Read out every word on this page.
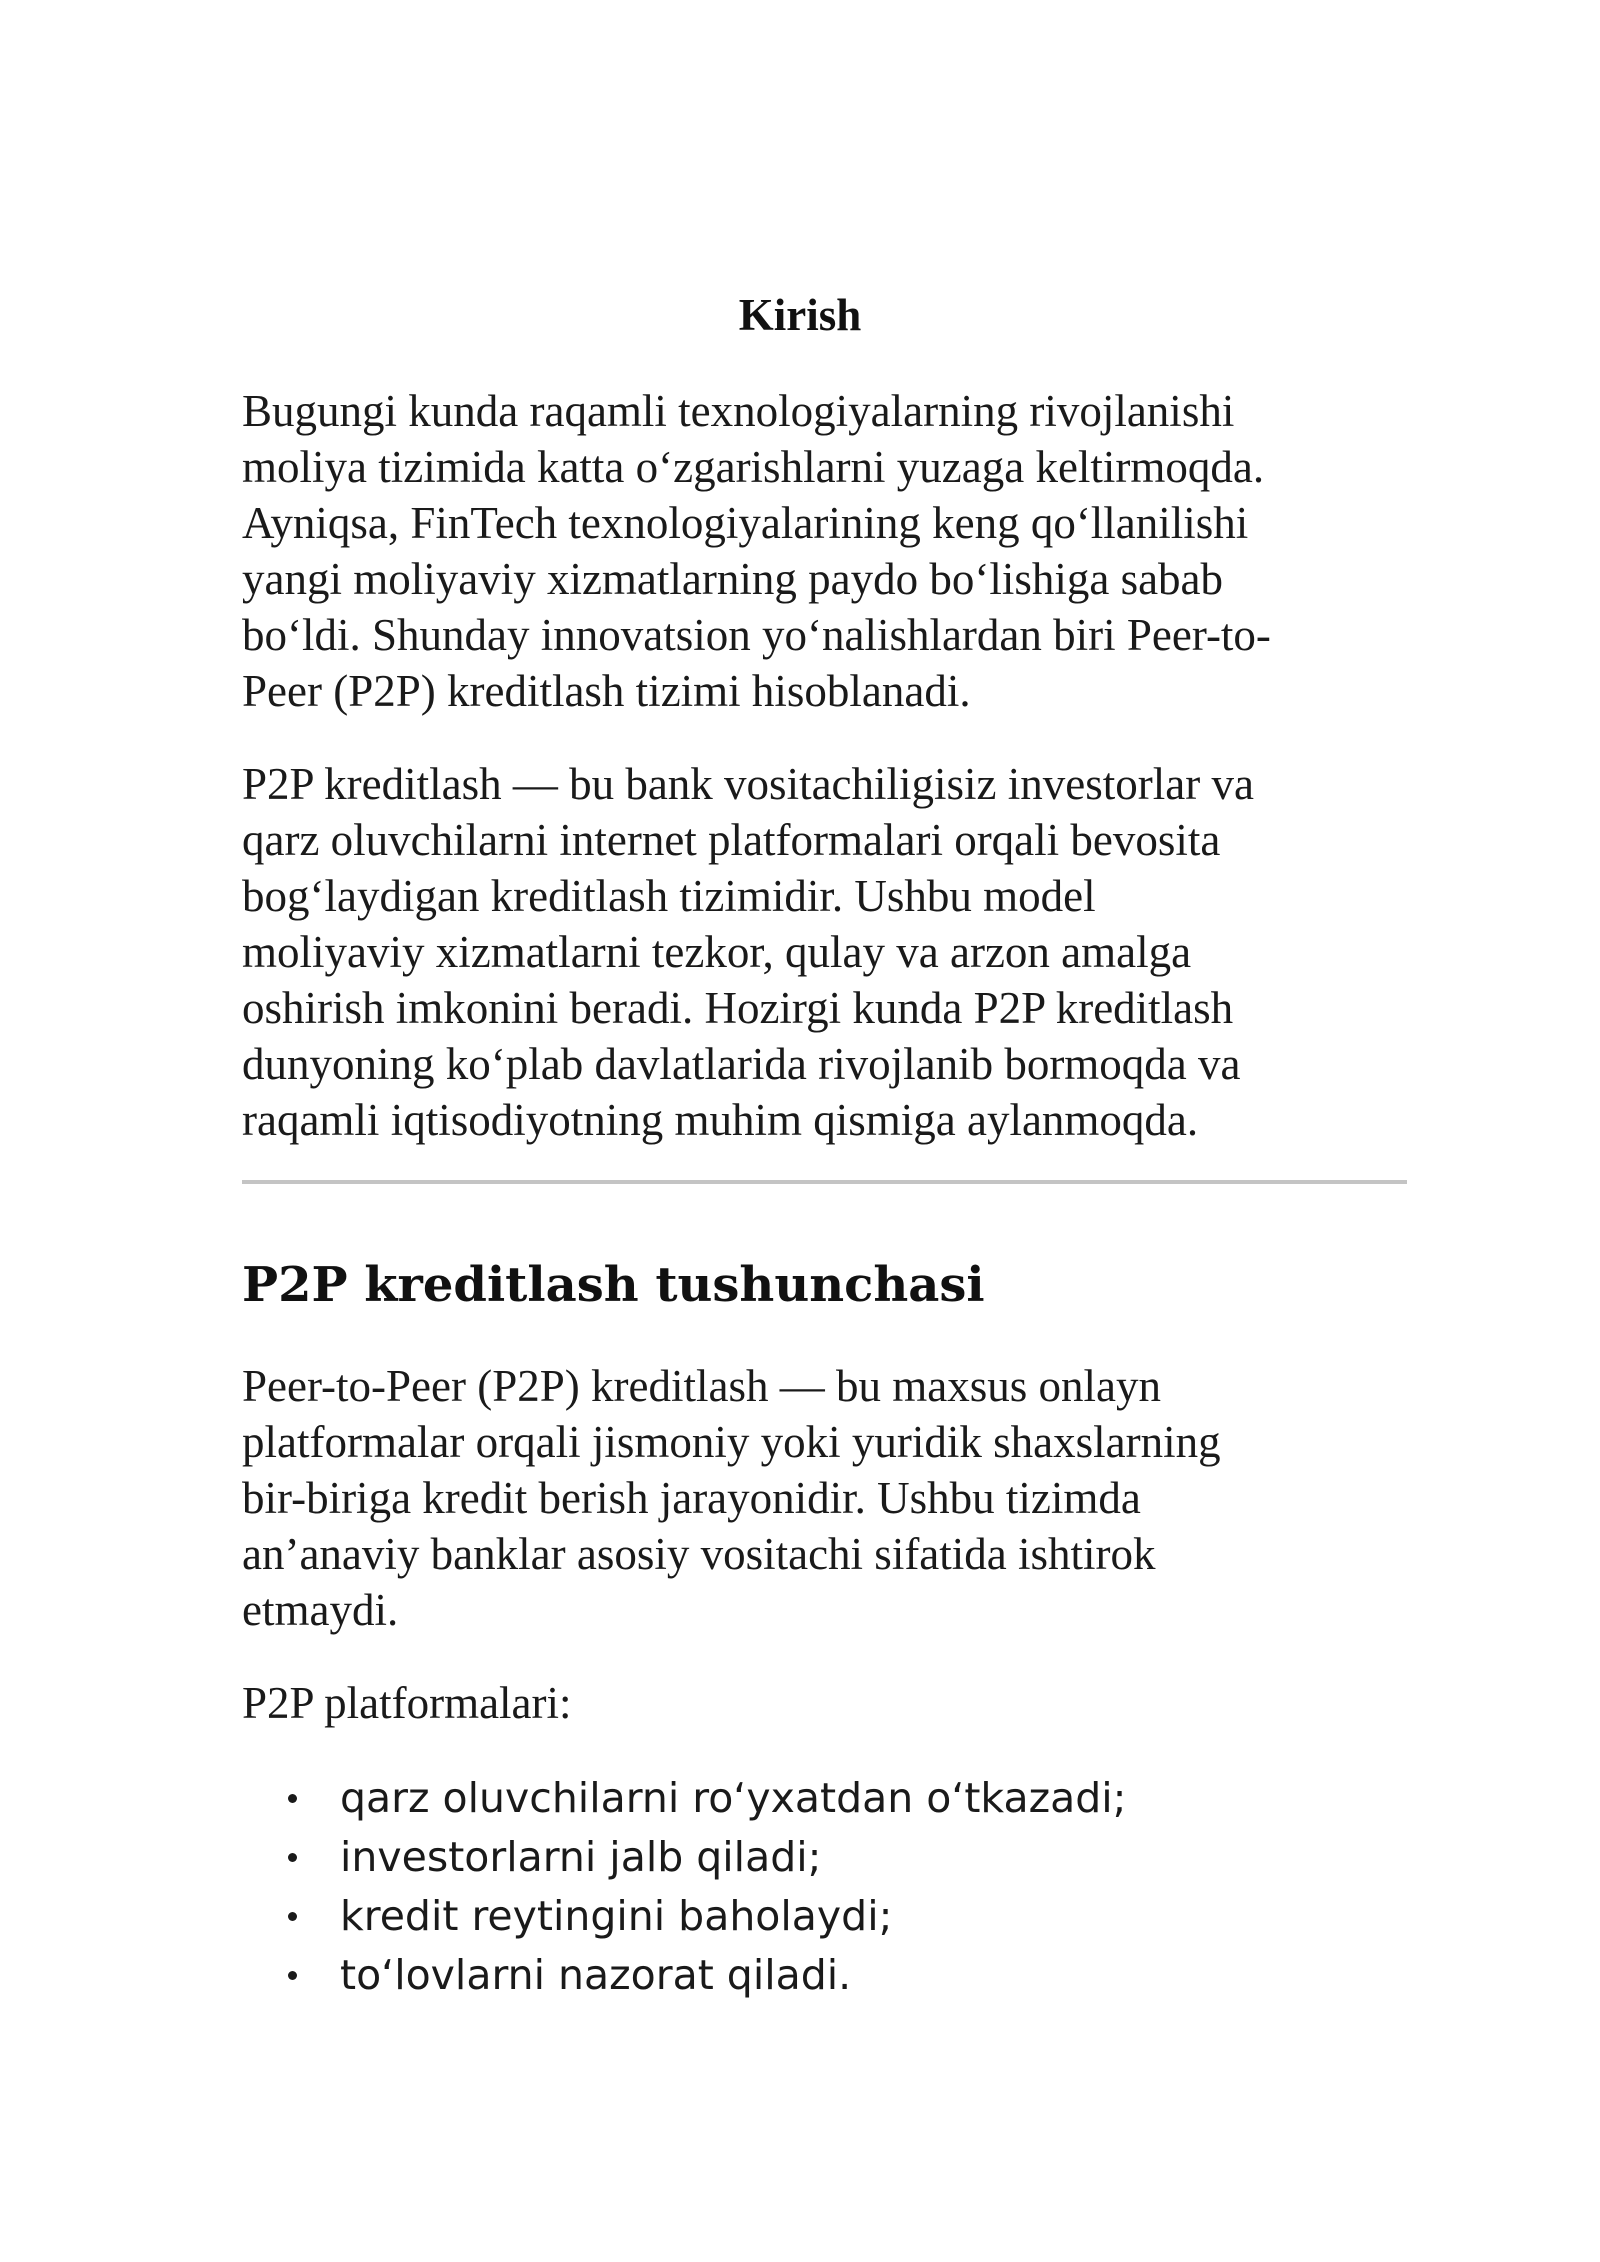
Kirish

Bugungi kunda raqamli texnologiyalarning rivojlanishi
moliya tizimida katta o‘zgarishlarni yuzaga keltirmoqda.
Ayniqsa, FinTech texnologiyalarining keng qo‘llanilishi
yangi moliyaviy xizmatlarning paydo bo‘lishiga sabab
bo‘ldi. Shunday innovatsion yo‘nalishlardan biri Peer-to-
Peer (P2P) kreditlash tizimi hisoblanadi.

P2P kreditlash — bu bank vositachiligisiz investorlar va
qarz oluvchilarni internet platformalari orqali bevosita
bog‘laydigan kreditlash tizimidir. Ushbu model
moliyaviy xizmatlarni tezkor, qulay va arzon amalga
oshirish imkonini beradi. Hozirgi kunda P2P kreditlash
dunyoning ko‘plab davlatlarida rivojlanib bormoqda va
raqamli iqtisodiyotning muhim qismiga aylanmoqda.

P2P kreditlash tushunchasi

Peer-to-Peer (P2P) kreditlash — bu maxsus onlayn
platformalar orqali jismoniy yoki yuridik shaxslarning
bir-biriga kredit berish jarayonidir. Ushbu tizimda
an’anaviy banklar asosiy vositachi sifatida ishtirok
etmaydi.

P2P platformalari:

qarz oluvchilarni ro‘yxatdan o‘tkazadi;
investorlarni jalb qiladi;
kredit reytingini baholaydi;
to‘lovlarni nazorat qiladi.
